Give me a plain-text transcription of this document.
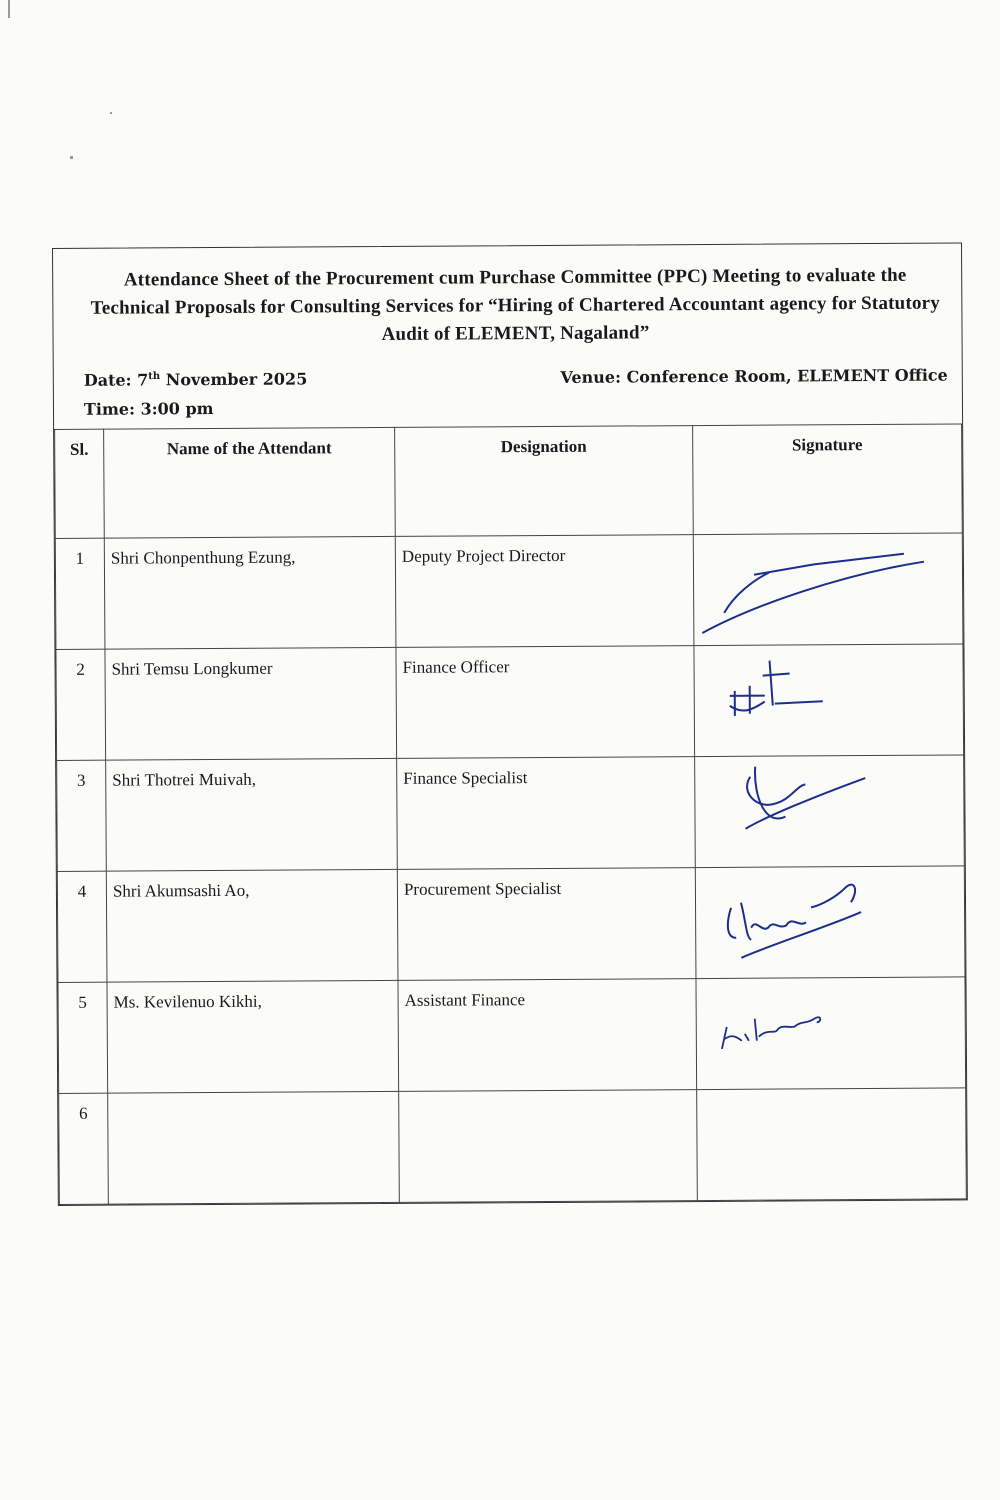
Attendance Sheet of the Procurement cum Purchase Committee (PPC) Meeting to evaluate the Technical Proposals for Consulting Services for “Hiring of Chartered Accountant agency for Statutory Audit of ELEMENT, Nagaland”
Date: 7th November 2025	Venue: Conference Room, ELEMENT Office
Time: 3:00 pm
Sl.	Name of the Attendant	Designation	Signature
1	Shri Chonpenthung Ezung,	Deputy Project Director	

2	Shri Temsu Longkumer	Finance Officer	

3	Shri Thotrei Muivah,	Finance Specialist	

4	Shri Akumsashi Ao,	Procurement Specialist	

5	Ms. Kevilenuo Kikhi,	Assistant Finance	

6			
